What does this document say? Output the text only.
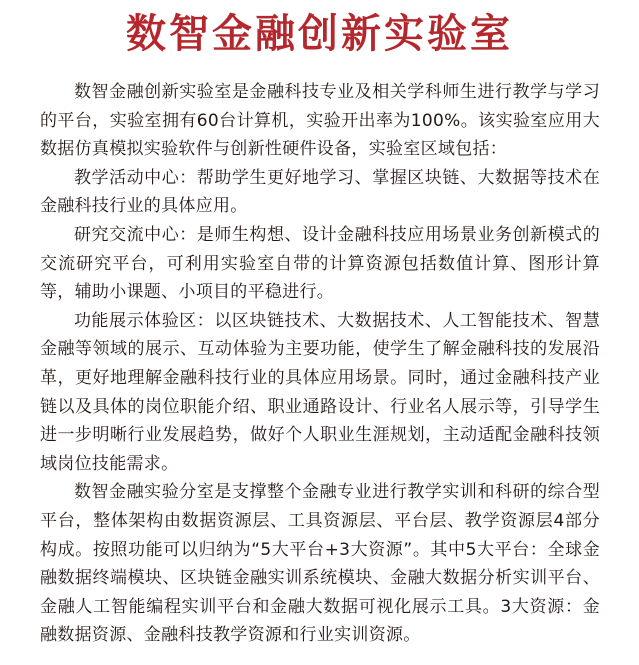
数智金融创新实验室

数智金融创新实验室是金融科技专业及相关学科师生进行教学与学习的平台，实验室拥有60台计算机，实验开出率为100%。该实验室应用大数据仿真模拟实验软件与创新性硬件设备，实验室区域包括：

教学活动中心：帮助学生更好地学习、掌握区块链、大数据等技术在金融科技行业的具体应用。

研究交流中心：是师生构想、设计金融科技应用场景业务创新模式的交流研究平台，可利用实验室自带的计算资源包括数值计算、图形计算等，辅助小课题、小项目的平稳进行。

功能展示体验区：以区块链技术、大数据技术、人工智能技术、智慧金融等领域的展示、互动体验为主要功能，使学生了解金融科技的发展沿革，更好地理解金融科技行业的具体应用场景。同时，通过金融科技产业链以及具体的岗位职能介绍、职业通路设计、行业名人展示等，引导学生进一步明晰行业发展趋势，做好个人职业生涯规划，主动适配金融科技领域岗位技能需求。

数智金融实验分室是支撑整个金融专业进行教学实训和科研的综合型平台，整体架构由数据资源层、工具资源层、平台层、教学资源层4部分构成。按照功能可以归纳为“5大平台+3大资源”。其中5大平台：全球金融数据终端模块、区块链金融实训系统模块、金融大数据分析实训平台、金融人工智能编程实训平台和金融大数据可视化展示工具。3大资源：金融数据资源、金融科技教学资源和行业实训资源。
